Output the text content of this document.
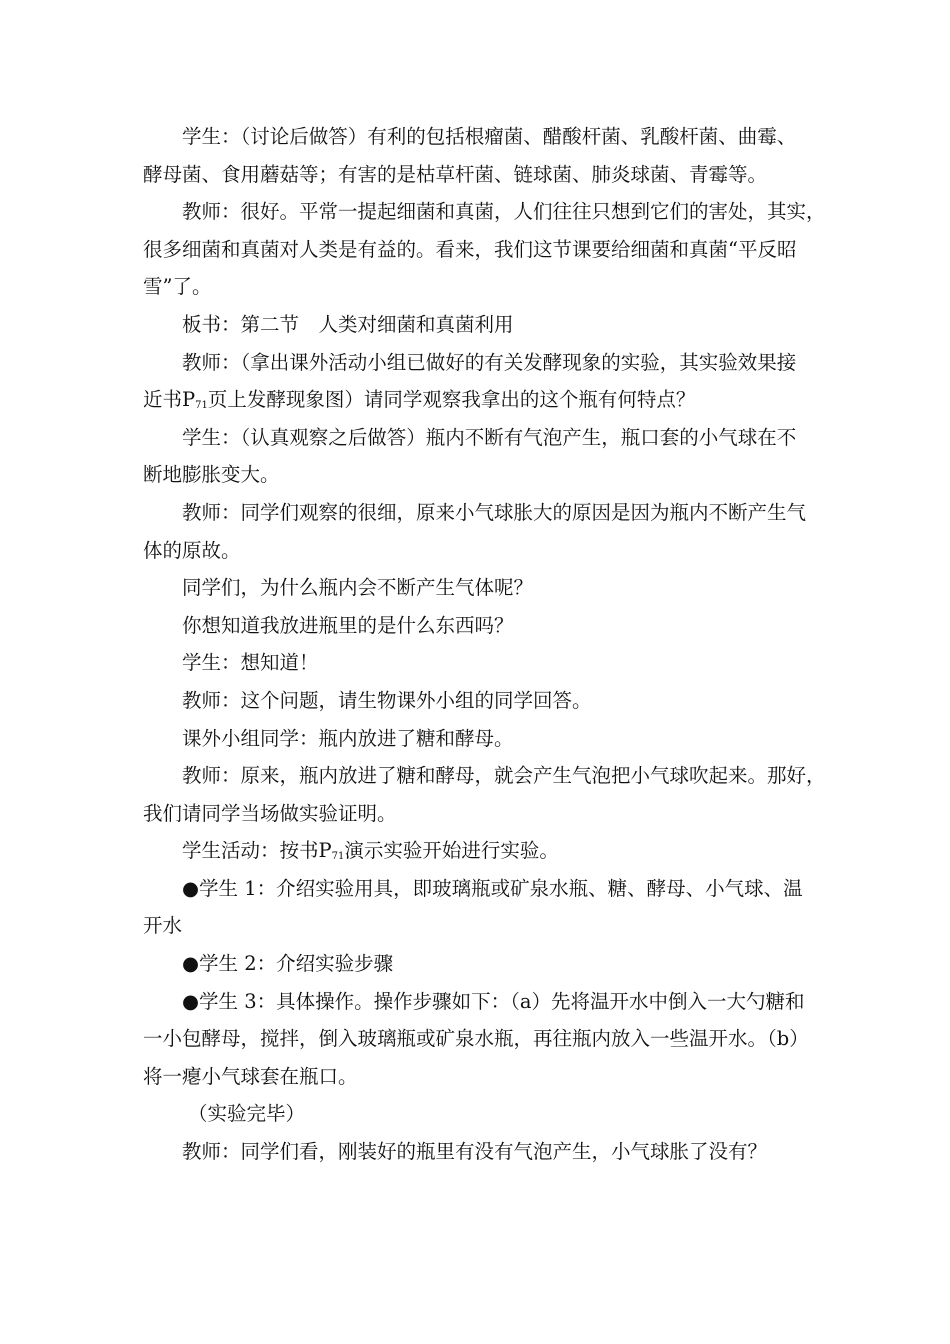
学生：（讨论后做答）有利的包括根瘤菌、醋酸杆菌、乳酸杆菌、曲霉、
酵母菌、食用蘑菇等；有害的是枯草杆菌、链球菌、肺炎球菌、青霉等。
教师：很好。平常一提起细菌和真菌，人们往往只想到它们的害处，其实，
很多细菌和真菌对人类是有益的。看来，我们这节课要给细菌和真菌“平反昭
雪”了。
板书：第二节　人类对细菌和真菌利用
教师：（拿出课外活动小组已做好的有关发酵现象的实验，其实验效果接
近书$P_{71}$页上发酵现象图）请同学观察我拿出的这个瓶有何特点？
学生：（认真观察之后做答）瓶内不断有气泡产生，瓶口套的小气球在不
断地膨胀变大。
教师：同学们观察的很细，原来小气球胀大的原因是因为瓶内不断产生气
体的原故。
同学们，为什么瓶内会不断产生气体呢？
你想知道我放进瓶里的是什么东西吗？
学生：想知道！
教师：这个问题，请生物课外小组的同学回答。
课外小组同学：瓶内放进了糖和酵母。
教师：原来，瓶内放进了糖和酵母，就会产生气泡把小气球吹起来。那好，
我们请同学当场做实验证明。
学生活动：按书$P_{71}$演示实验开始进行实验。
●学生 1：介绍实验用具，即玻璃瓶或矿泉水瓶、糖、酵母、小气球、温
开水
●学生 2：介绍实验步骤
●学生 3：具体操作。操作步骤如下：（a）先将温开水中倒入一大勺糖和
一小包酵母，搅拌，倒入玻璃瓶或矿泉水瓶，再往瓶内放入一些温开水。（b）
将一瘪小气球套在瓶口。
（实验完毕）
教师：同学们看，刚装好的瓶里有没有气泡产生，小气球胀了没有？
